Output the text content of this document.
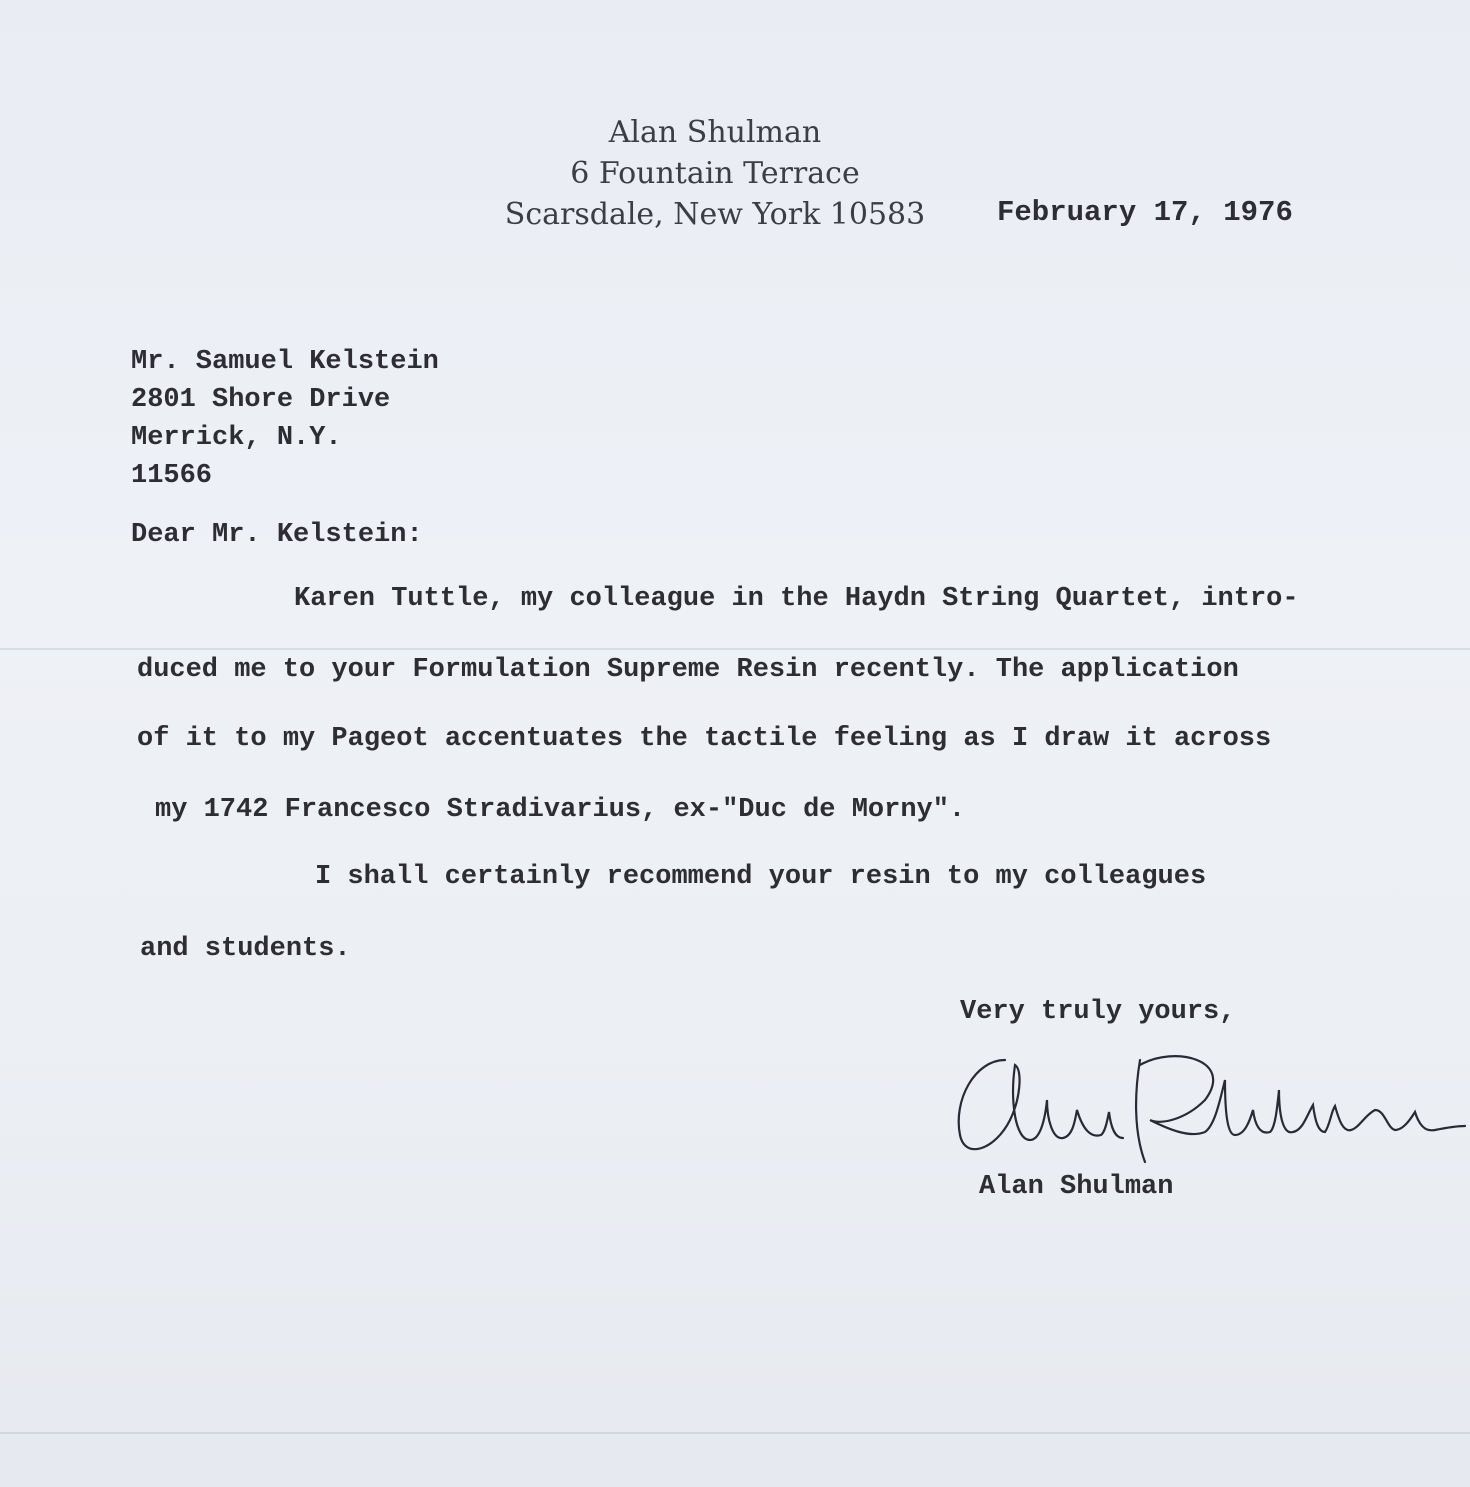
Alan Shulman
6 Fountain Terrace
Scarsdale, New York 10583	February 17, 1976
Mr. Samuel Kelstein
2801 Shore Drive
Merrick, N.Y.
11566
Dear Mr. Kelstein:
Karen Tuttle, my colleague in the Haydn String Quartet, intro-
duced me to your Formulation Supreme Resin recently. The application
of it to my Pageot accentuates the tactile feeling as I draw it across
my 1742 Francesco Stradivarius, ex-"Duc de Morny".
I shall certainly recommend your resin to my colleagues
and students.
Very truly yours,
Alan Shulman
